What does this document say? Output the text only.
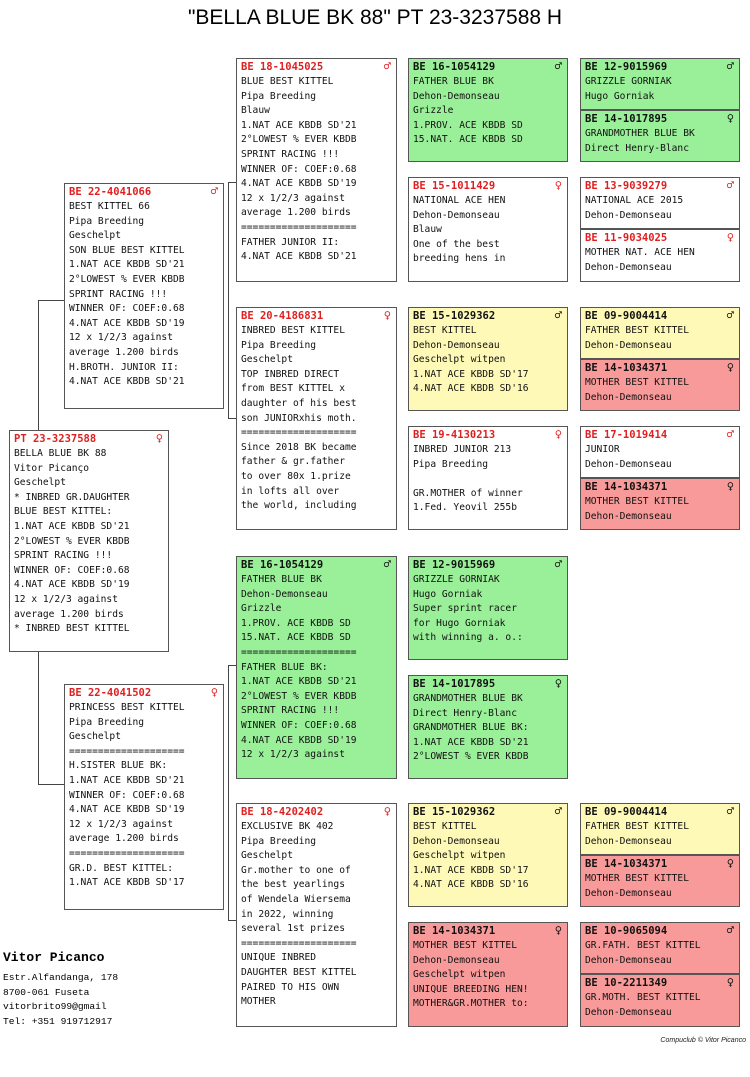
"BELLA BLUE BK 88" PT 23-3237588 H
PT 23-3237588	♀
BELLA BLUE BK 88
Vitor Picanço
Geschelpt
* INBRED GR.DAUGHTER
BLUE BEST KITTEL:
1.NAT ACE KBDB SD'21
2°LOWEST % EVER KBDB
SPRINT RACING !!!
WINNER OF: COEF:0.68
4.NAT ACE KBDB SD'19
12 x 1/2/3 against
average 1.200 birds
* INBRED BEST KITTEL
BE 22-4041066	♂
BEST KITTEL 66
Pipa Breeding
Geschelpt
SON BLUE BEST KITTEL
1.NAT ACE KBDB SD'21
2°LOWEST % EVER KBDB
SPRINT RACING !!!
WINNER OF: COEF:0.68
4.NAT ACE KBDB SD'19
12 x 1/2/3 against
average 1.200 birds
H.BROTH. JUNIOR II:
4.NAT ACE KBDB SD'21
BE 22-4041502	♀
PRINCESS BEST KITTEL
Pipa Breeding
Geschelpt
====================
H.SISTER BLUE BK:
1.NAT ACE KBDB SD'21
WINNER OF: COEF:0.68
4.NAT ACE KBDB SD'19
12 x 1/2/3 against
average 1.200 birds
====================
GR.D. BEST KITTEL:
1.NAT ACE KBDB SD'17
BE 18-1045025	♂
BLUE BEST KITTEL
Pipa Breeding
Blauw
1.NAT ACE KBDB SD'21
2°LOWEST % EVER KBDB
SPRINT RACING !!!
WINNER OF: COEF:0.68
4.NAT ACE KBDB SD'19
12 x 1/2/3 against
average 1.200 birds
====================
FATHER JUNIOR II:
4.NAT ACE KBDB SD'21
BE 20-4186831	♀
INBRED BEST KITTEL
Pipa Breeding
Geschelpt
TOP INBRED DIRECT
from BEST KITTEL x
daughter of his best
son JUNIORxhis moth.
====================
Since 2018 BK became
father & gr.father
to over 80x 1.prize
in lofts all over
the world, including
BE 16-1054129	♂
FATHER BLUE BK
Dehon-Demonseau
Grizzle
1.PROV. ACE KBDB SD
15.NAT. ACE KBDB SD
====================
FATHER BLUE BK:
1.NAT ACE KBDB SD'21
2°LOWEST % EVER KBDB
SPRINT RACING !!!
WINNER OF: COEF:0.68
4.NAT ACE KBDB SD'19
12 x 1/2/3 against
BE 18-4202402	♀
EXCLUSIVE BK 402
Pipa Breeding
Geschelpt
Gr.mother to one of
the best yearlings
of Wendela Wiersema
in 2022, winning
several 1st prizes
====================
UNIQUE INBRED
DAUGHTER BEST KITTEL
PAIRED TO HIS OWN
MOTHER
BE 16-1054129	♂
FATHER BLUE BK
Dehon-Demonseau
Grizzle
1.PROV. ACE KBDB SD
15.NAT. ACE KBDB SD
BE 15-1011429	♀
NATIONAL ACE HEN
Dehon-Demonseau
Blauw
One of the best
breeding hens in
BE 15-1029362	♂
BEST KITTEL
Dehon-Demonseau
Geschelpt witpen
1.NAT ACE KBDB SD'17
4.NAT ACE KBDB SD'16
BE 19-4130213	♀
INBRED JUNIOR 213
Pipa Breeding

GR.MOTHER of winner
1.Fed. Yeovil 255b
BE 12-9015969	♂
GRIZZLE GORNIAK
Hugo Gorniak
Super sprint racer
for Hugo Gorniak
with winning a. o.:
BE 14-1017895	♀
GRANDMOTHER BLUE BK
Direct Henry-Blanc
GRANDMOTHER BLUE BK:
1.NAT ACE KBDB SD'21
2°LOWEST % EVER KBDB
BE 15-1029362	♂
BEST KITTEL
Dehon-Demonseau
Geschelpt witpen
1.NAT ACE KBDB SD'17
4.NAT ACE KBDB SD'16
BE 14-1034371	♀
MOTHER BEST KITTEL
Dehon-Demonseau
Geschelpt witpen
UNIQUE BREEDING HEN!
MOTHER&GR.MOTHER to:
BE 12-9015969	♂
GRIZZLE GORNIAK
Hugo Gorniak
BE 14-1017895	♀
GRANDMOTHER BLUE BK
Direct Henry-Blanc
BE 13-9039279	♂
NATIONAL ACE 2015
Dehon-Demonseau
BE 11-9034025	♀
MOTHER NAT. ACE HEN
Dehon-Demonseau
BE 09-9004414	♂
FATHER BEST KITTEL
Dehon-Demonseau
BE 14-1034371	♀
MOTHER BEST KITTEL
Dehon-Demonseau
BE 17-1019414	♂
JUNIOR
Dehon-Demonseau
BE 14-1034371	♀
MOTHER BEST KITTEL
Dehon-Demonseau
BE 09-9004414	♂
FATHER BEST KITTEL
Dehon-Demonseau
BE 14-1034371	♀
MOTHER BEST KITTEL
Dehon-Demonseau
BE 10-9065094	♂
GR.FATH. BEST KITTEL
Dehon-Demonseau
BE 10-2211349	♀
GR.MOTH. BEST KITTEL
Dehon-Demonseau
Vitor Picanco
Estr.Alfandanga, 178
8700-061 Fuseta
vitorbrito99@gmail
Tel: +351 919712917
Compuclub © Vitor Picanco
